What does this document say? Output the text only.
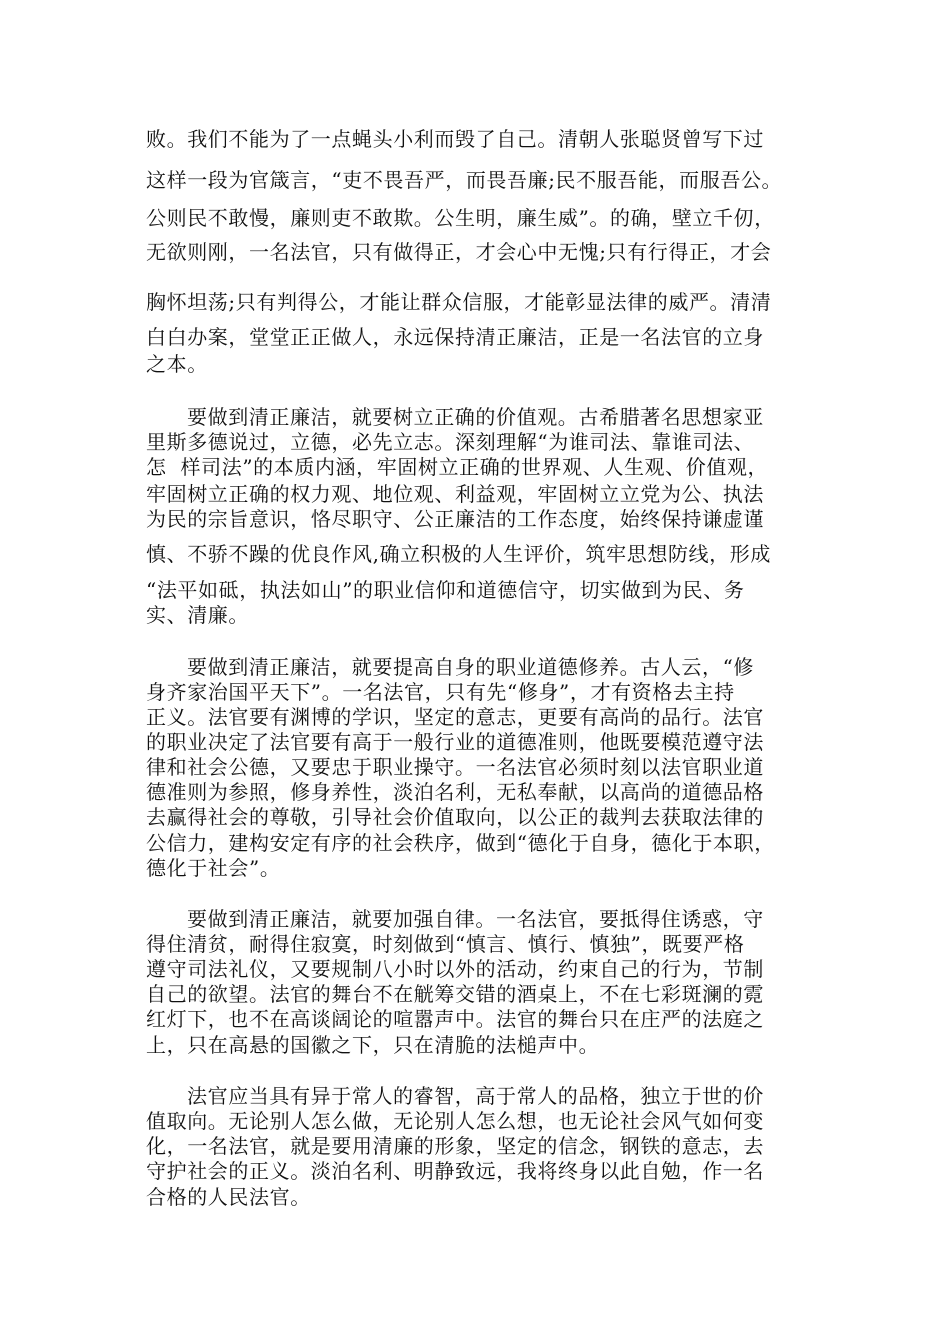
败。我们不能为了一点蝇头小利而毁了自己。清朝人张聪贤曾写下过
这样一段为官箴言，“吏不畏吾严，而畏吾廉;民不服吾能，而服吾公。
公则民不敢慢，廉则吏不敢欺。公生明，廉生威”。的确，壁立千仞，
无欲则刚，一名法官，只有做得正，才会心中无愧;只有行得正，才会
胸怀坦荡;只有判得公，才能让群众信服，才能彰显法律的威严。清清
白白办案，堂堂正正做人，永远保持清正廉洁，正是一名法官的立身
之本。
要做到清正廉洁，就要树立正确的价值观。古希腊著名思想家亚
里斯多德说过，立德，必先立志。深刻理解“为谁司法、靠谁司法、
怎  样司法”的本质内涵，牢固树立正确的世界观、人生观、价值观，
牢固树立正确的权力观、地位观、利益观，牢固树立立党为公、执法
为民的宗旨意识，恪尽职守、公正廉洁的工作态度，始终保持谦虚谨
慎、不骄不躁的优良作风,确立积极的人生评价，筑牢思想防线，形成
“法平如砥，执法如山”的职业信仰和道德信守，切实做到为民、务
实、清廉。
要做到清正廉洁，就要提高自身的职业道德修养。古人云，“修
身齐家治国平天下”。一名法官，只有先“修身”，才有资格去主持
正义。法官要有渊博的学识，坚定的意志，更要有高尚的品行。法官
的职业决定了法官要有高于一般行业的道德准则，他既要模范遵守法
律和社会公德，又要忠于职业操守。一名法官必须时刻以法官职业道
德准则为参照，修身养性，淡泊名利，无私奉献，以高尚的道德品格
去赢得社会的尊敬，引导社会价值取向，以公正的裁判去获取法律的
公信力，建构安定有序的社会秩序，做到“德化于自身，德化于本职，
德化于社会”。
要做到清正廉洁，就要加强自律。一名法官，要抵得住诱惑，守
得住清贫，耐得住寂寞，时刻做到“慎言、慎行、慎独”，既要严格
遵守司法礼仪，又要规制八小时以外的活动，约束自己的行为，节制
自己的欲望。法官的舞台不在觥筹交错的酒桌上，不在七彩斑澜的霓
红灯下，也不在高谈阔论的喧嚣声中。法官的舞台只在庄严的法庭之
上，只在高悬的国徽之下，只在清脆的法槌声中。
法官应当具有异于常人的睿智，高于常人的品格，独立于世的价
值取向。无论别人怎么做，无论别人怎么想，也无论社会风气如何变
化，一名法官，就是要用清廉的形象，坚定的信念，钢铁的意志，去
守护社会的正义。淡泊名利、明静致远，我将终身以此自勉，作一名
合格的人民法官。
